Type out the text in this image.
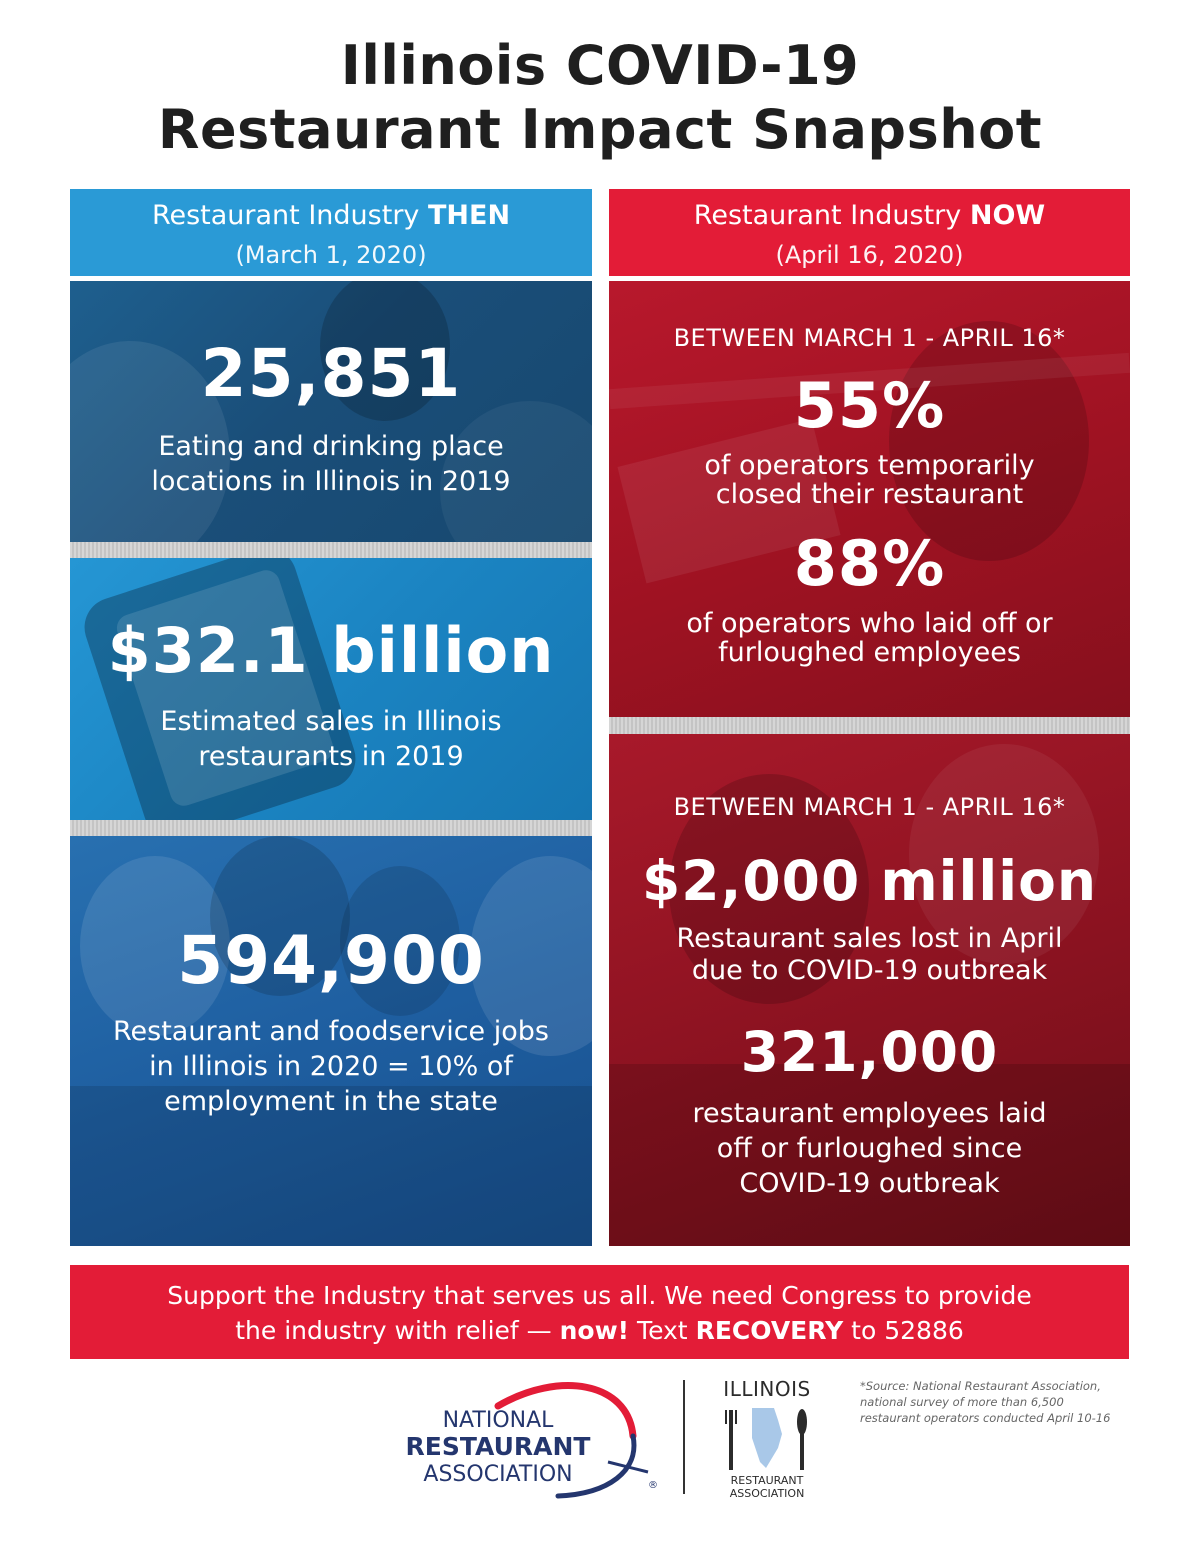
Illinois COVID-19
Restaurant Impact Snapshot
Restaurant Industry THEN
(March 1, 2020)
Restaurant Industry NOW
(April 16, 2020)
25,851
Eating and drinking place
locations in Illinois in 2019
$32.1 billion
Estimated sales in Illinois
restaurants in 2019
594,900
Restaurant and foodservice jobs
in Illinois in 2020 = 10% of
employment in the state
BETWEEN MARCH 1 - APRIL 16*
55%
of operators temporarily
closed their restaurant
88%
of operators who laid off or
furloughed employees
BETWEEN MARCH 1 - APRIL 16*
$2,000 million
Restaurant sales lost in April
due to COVID-19 outbreak
321,000
restaurant employees laid
off or furloughed since
COVID-19 outbreak
Support the Industry that serves us all. We need Congress to provide
the industry with relief — now! Text RECOVERY to 52886
NATIONAL
RESTAURANT
ASSOCIATION	®
ILLINOIS
RESTAURANT
ASSOCIATION
*Source: National Restaurant Association,
national survey of more than 6,500
restaurant operators conducted April 10-16
